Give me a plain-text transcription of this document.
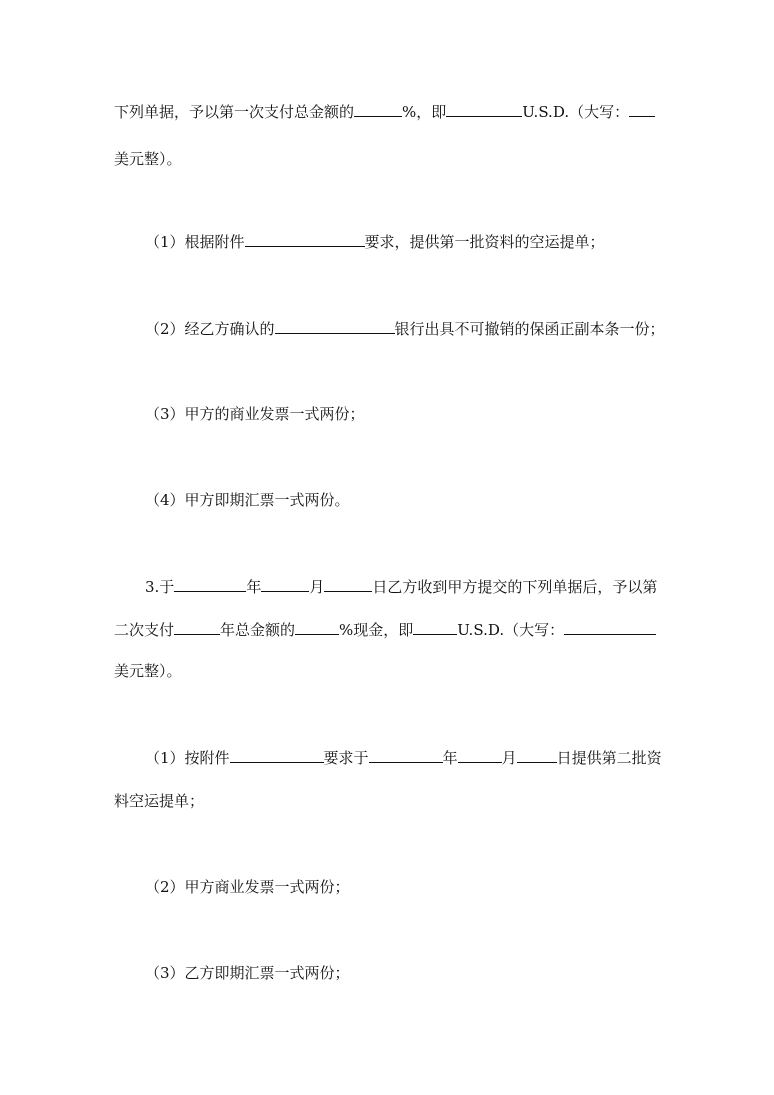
下列单据，予以第一次支付总金额的	%，即	U.S.D.（大写：
美元整）。
（1）根据附件	要求，提供第一批资料的空运提单；
（2）经乙方确认的	银行出具不可撤销的保函正副本条一份；
（3）甲方的商业发票一式两份；
（4）甲方即期汇票一式两份。
3.于	年	月	日乙方收到甲方提交的下列单据后，予以第
二次支付	年总金额的	%现金，即	U.S.D.（大写：
美元整）。
（1）按附件	要求于	年	月	日提供第二批资
料空运提单；
（2）甲方商业发票一式两份；
（3）乙方即期汇票一式两份；
